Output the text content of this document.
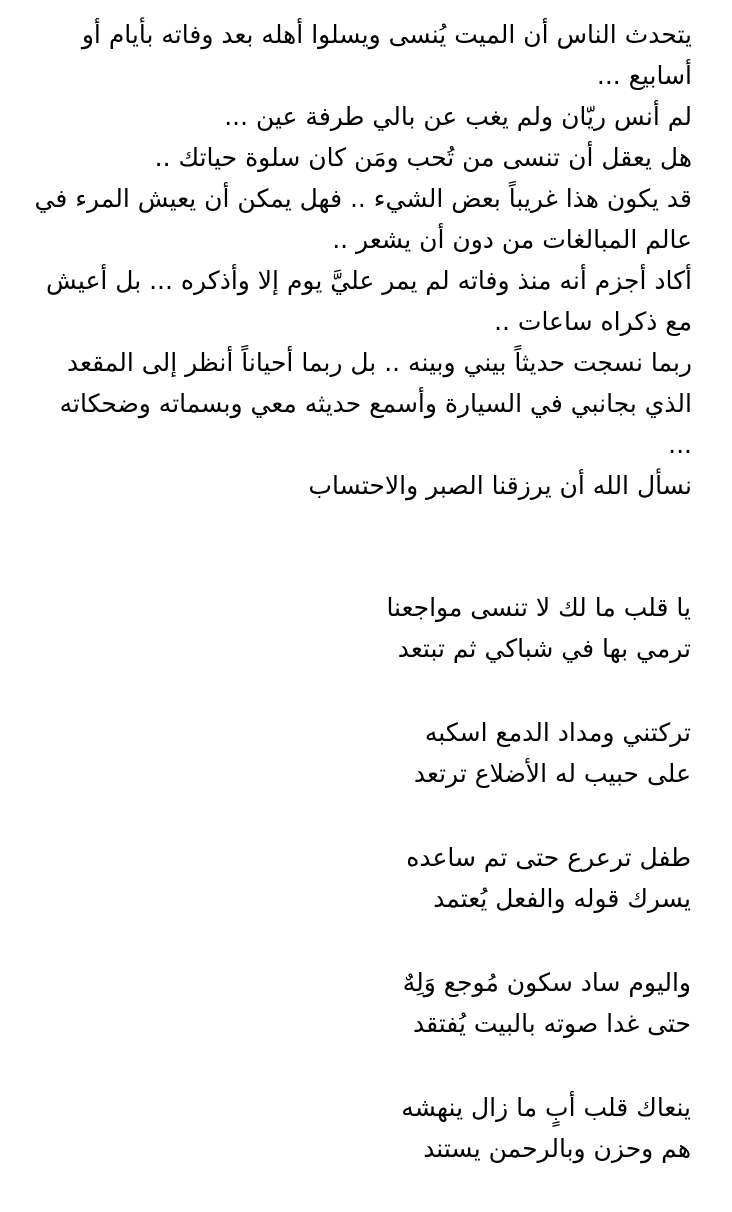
يتحدث الناس أن الميت يُنسى ويسلوا أهله بعد وفاته بأيام أو أسابيع ...

لم أنس ريّان ولم يغب عن بالي طرفة عين ...

هل يعقل أن تنسى من تُحب ومَن كان سلوة حياتك ..

قد يكون هذا غريباً بعض الشيء .. فهل يمكن أن يعيش المرء في عالم المبالغات من دون أن يشعر ..

أكاد أجزم أنه منذ وفاته لم يمر عليَّ يوم إلا وأذكره ... بل أعيش مع ذكراه ساعات ..

ربما نسجت حديثاً بيني وبينه .. بل ربما أحياناً أنظر إلى المقعد الذي بجانبي في السيارة وأسمع حديثه معي وبسماته وضحكاته ...

نسأل الله أن يرزقنا الصبر والاحتساب

يا قلب ما لك لا تنسى مواجعنا
ترمي بها في شباكي ثم تبتعد
تركتني ومداد الدمع اسكبه
على حبيب له الأضلاع ترتعد
طفل ترعرع حتى تم ساعده
يسرك قوله والفعل يُعتمد
واليوم ساد سكون مُوجع وَلِهٌ
حتى غدا صوته بالبيت يُفتقد
ينعاك قلب أبٍ ما زال ينهشه
هم وحزن وبالرحمن يستند
